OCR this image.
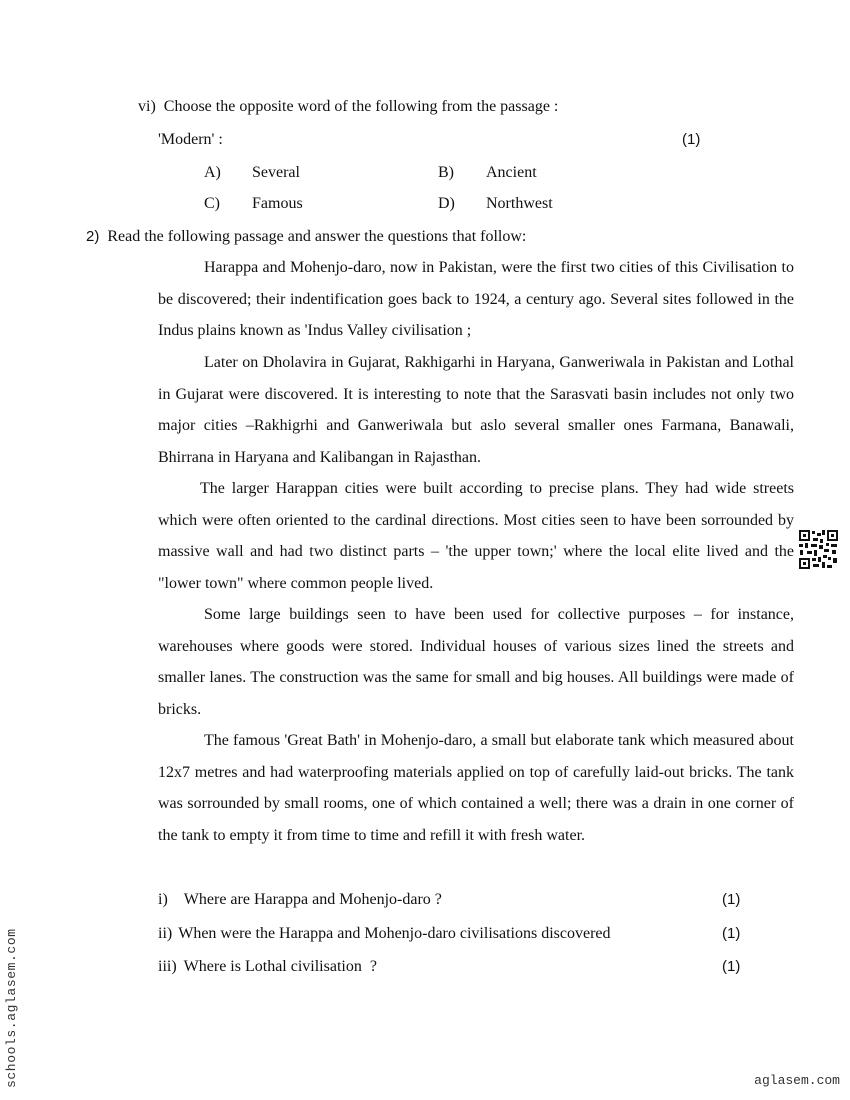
vi) Choose the opposite word of the following from the passage :
'Modern' :	(1)
A) Several	B) Ancient
C) Famous	D) Northwest
2) Read the following passage and answer the questions that follow:

Harappa and Mohenjo-daro, now in Pakistan, were the first two cities of this Civilisation to be discovered; their indentification goes back to 1924, a century ago. Several sites followed in the Indus plains known as 'Indus Valley civilisation ;

Later on Dholavira in Gujarat, Rakhigarhi in Haryana, Ganweriwala in Pakistan and Lothal in Gujarat were discovered. It is interesting to note that the Sarasvati basin includes not only two major cities –Rakhigrhi and Ganweriwala but aslo several smaller ones Farmana, Banawali, Bhirrana in Haryana and Kalibangan in Rajasthan.

The larger Harappan cities were built according to precise plans. They had wide streets which were often oriented to the cardinal directions. Most cities seen to have been sorrounded by massive wall and had two distinct parts – 'the upper town;' where the local elite lived and the "lower town" where common people lived.

Some large buildings seen to have been used for collective purposes – for instance, warehouses where goods were stored. Individual houses of various sizes lined the streets and smaller lanes. The construction was the same for small and big houses. All buildings were made of bricks.

The famous 'Great Bath' in Mohenjo-daro, a small but elaborate tank which measured about 12x7 metres and had waterproofing materials applied on top of carefully laid-out bricks. The tank was sorrounded by small rooms, one of which contained a well; there was a drain in one corner of the tank to empty it from time to time and refill it with fresh water.

i) Where are Harappa and Mohenjo-daro ?	(1)
ii) When were the Harappa and Mohenjo-daro civilisations discovered	(1)
iii) Where is Lothal civilisation  ?	(1)
schools.aglasem.com	aglasem.com
